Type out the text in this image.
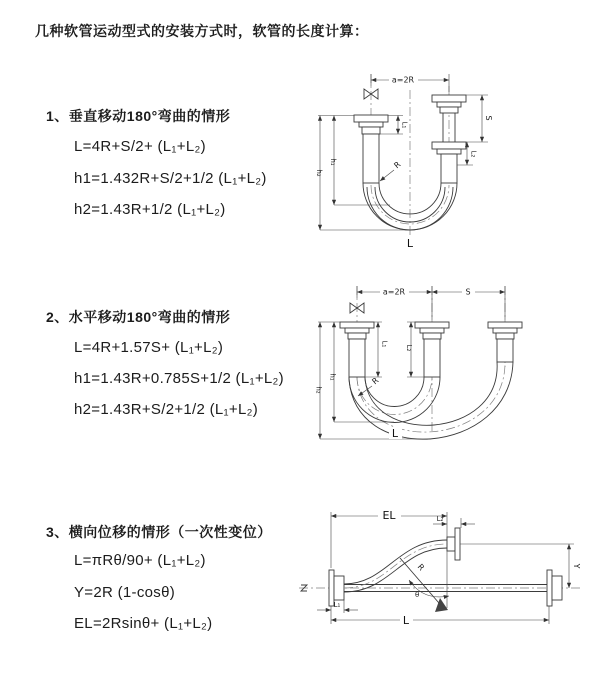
几种软管运动型式的安装方式时，软管的长度计算：
1、垂直移动180°弯曲的情形
L=4R+S/2+ (L₁+L₂)
h1=1.432R+S/2+1/2 (L₁+L₂)
h2=1.43R+1/2 (L₁+L₂)
2、水平移动180°弯曲的情形
L=4R+1.57S+ (L₁+L₂)
h1=1.43R+0.785S+1/2 (L₁+L₂)
h2=1.43R+S/2+1/2 (L₁+L₂)
3、横向位移的情形（一次性变位）
L=πRθ/90+ (L₁+L₂)
Y=2R (1-cosθ)
EL=2Rsinθ+ (L₁+L₂)
a=2R
S
L₂
h₂
h₁
L₁
R
L
a=2R	S
L₁
L₂
h₂
h₁	R
L
R
θ
EL	L₂
Y
L₁
L
